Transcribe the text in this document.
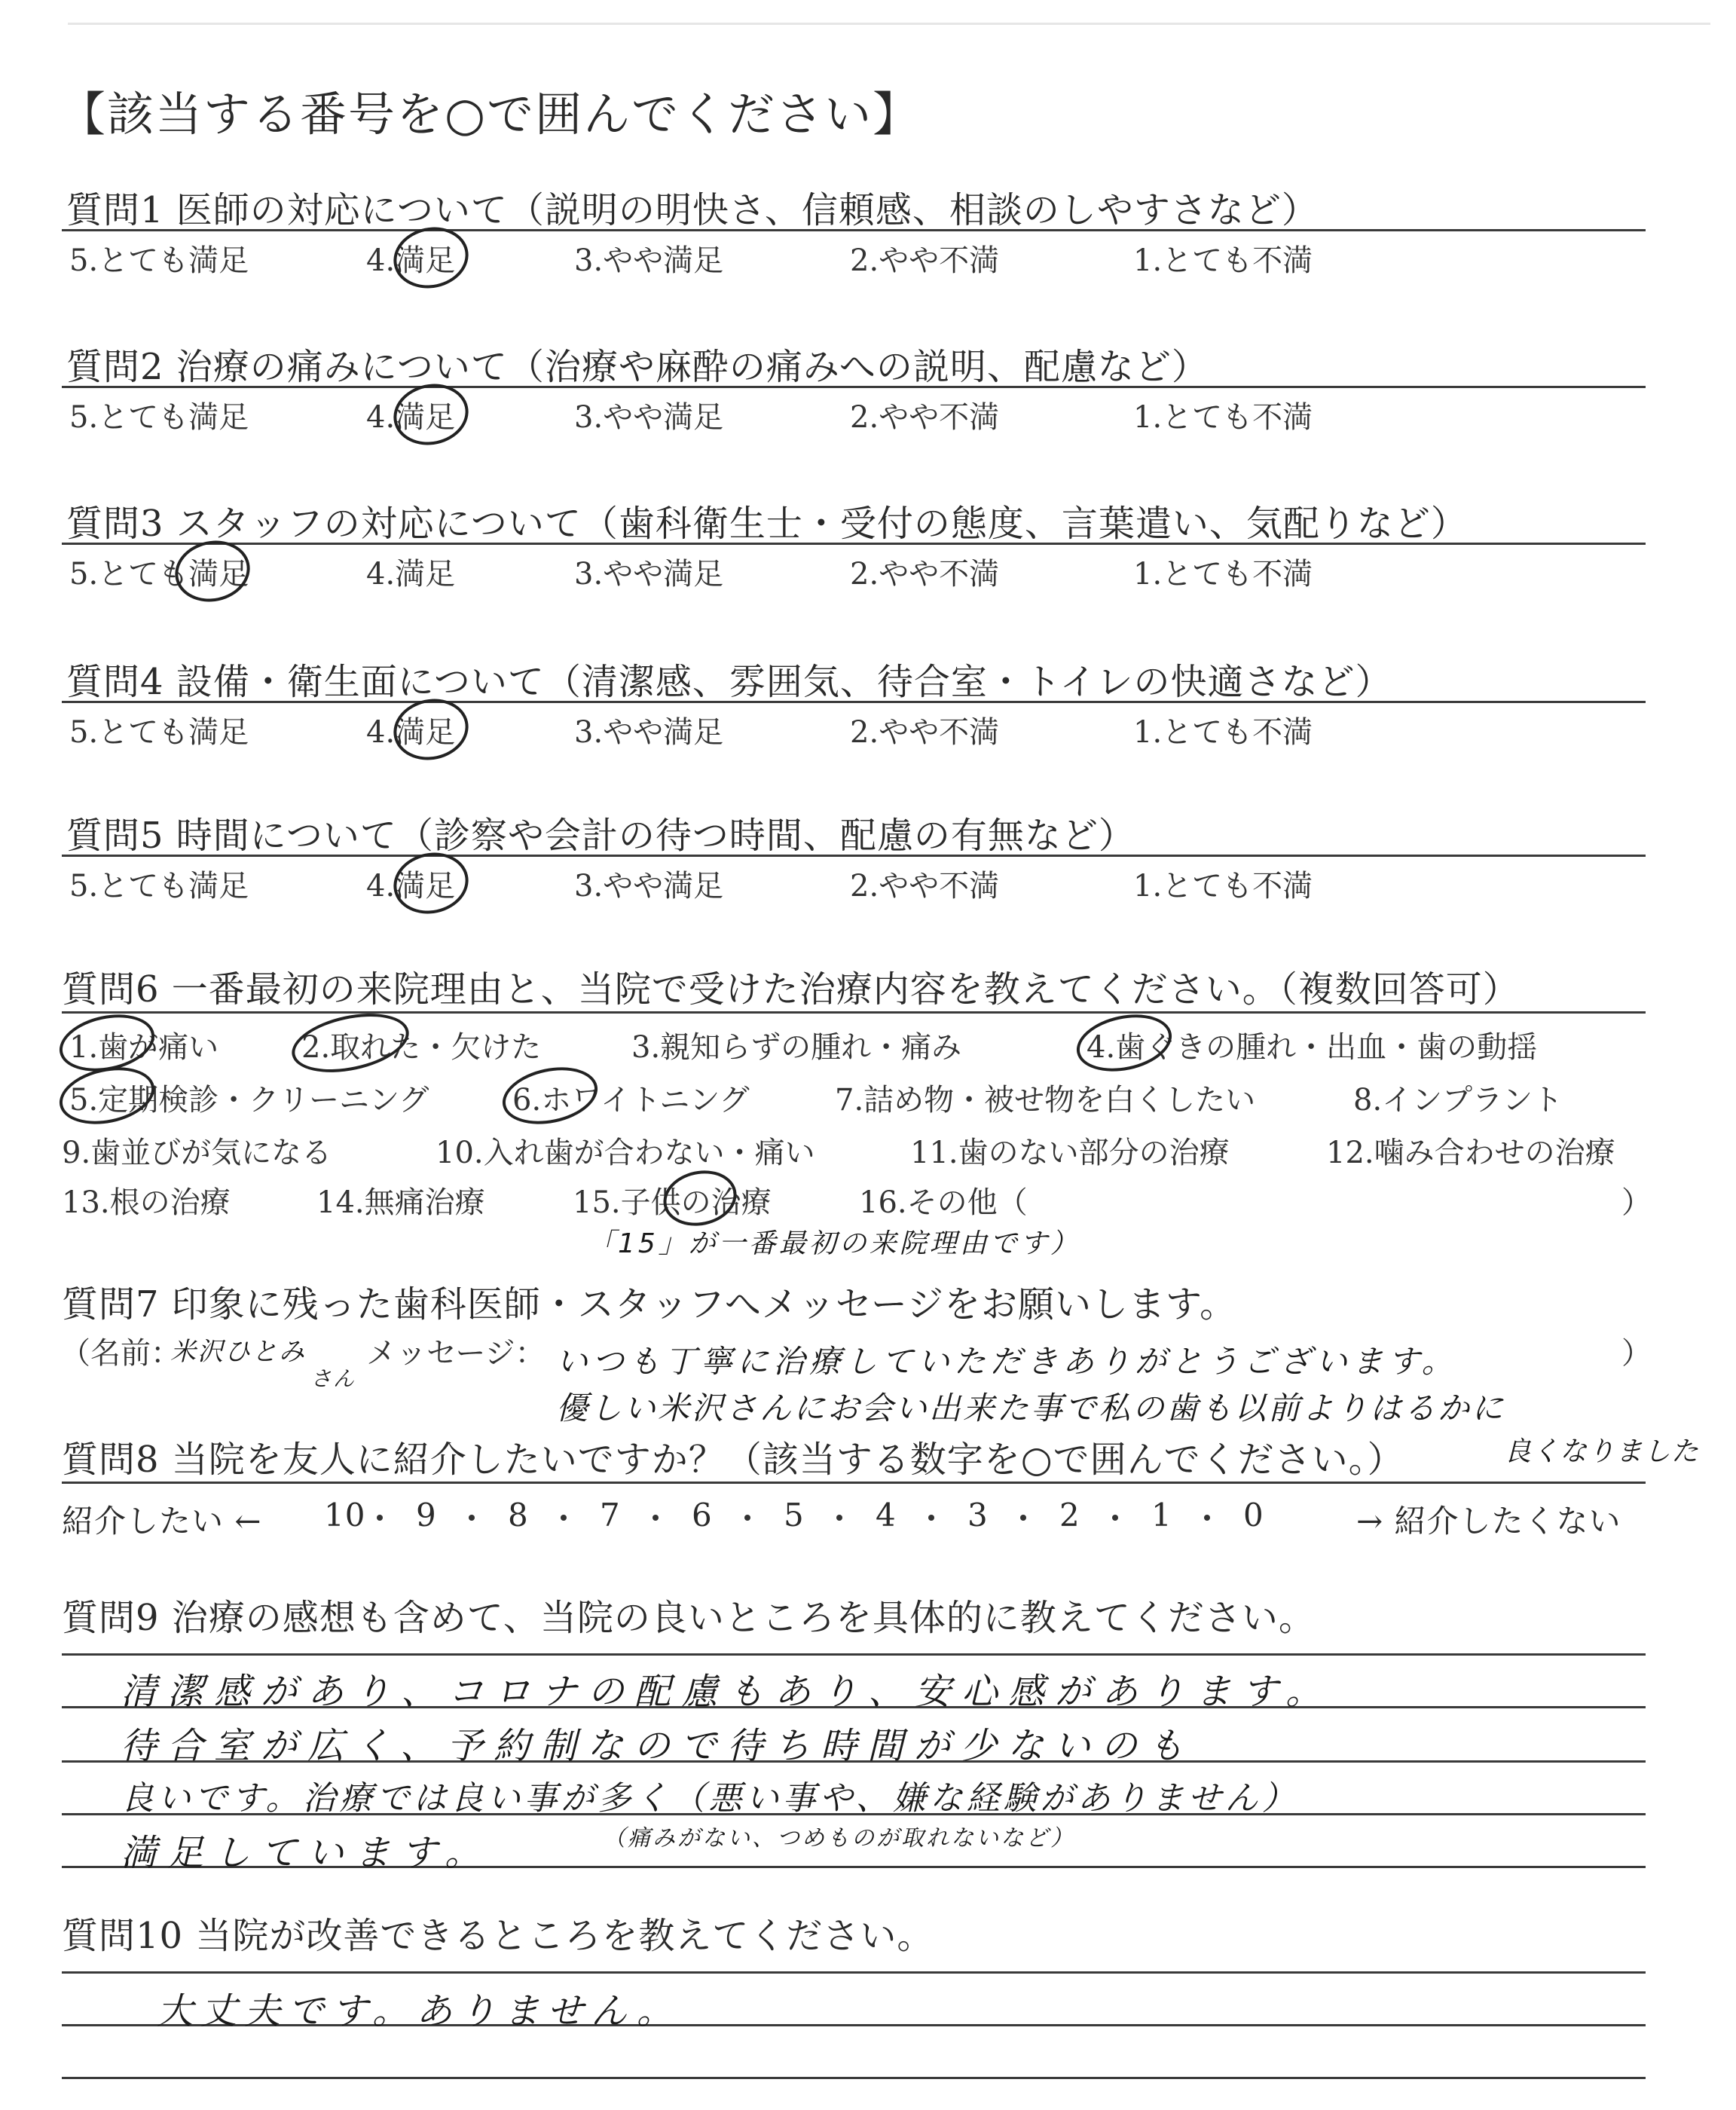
【該当する番号を○で囲んでください】
質問1 医師の対応について（説明の明快さ、信頼感、相談のしやすさなど）
5.とても満足	4.満足	3.やや満足	2.やや不満	1.とても不満
質問2 治療の痛みについて（治療や麻酔の痛みへの説明、配慮など）
5.とても満足	4.満足	3.やや満足	2.やや不満	1.とても不満
質問3 スタッフの対応について（歯科衛生士・受付の態度、言葉遣い、気配りなど）
5.とても満足	4.満足	3.やや満足	2.やや不満	1.とても不満
質問4 設備・衛生面について（清潔感、雰囲気、待合室・トイレの快適さなど）
5.とても満足	4.満足	3.やや満足	2.やや不満	1.とても不満
質問5 時間について（診察や会計の待つ時間、配慮の有無など）
5.とても満足	4.満足	3.やや満足	2.やや不満	1.とても不満
質問6 一番最初の来院理由と、当院で受けた治療内容を教えてください。（複数回答可）
1.歯が痛い	2.取れた・欠けた	3.親知らずの腫れ・痛み	4.歯ぐきの腫れ・出血・歯の動揺
5.定期検診・クリーニング	6.ホワイトニング	7.詰め物・被せ物を白くしたい	8.インプラント
9.歯並びが気になる	10.入れ歯が合わない・痛い	11.歯のない部分の治療	12.噛み合わせの治療
13.根の治療	14.無痛治療	15.子供の治療	16.その他（	）
「15」が一番最初の来院理由です）
質問7 印象に残った歯科医師・スタッフへメッセージをお願いします。
（名前：
米沢ひとみ
さん
メッセージ：	）
いつも丁寧に治療していただきありがとうございます。
優しい米沢さんにお会い出来た事で私の歯も以前よりはるかに
良くなりました
質問8 当院を友人に紹介したいですか？（該当する数字を○で囲んでください。）
紹介したい ← 10 9 8 7 6 5 4 3 2 1 0	→ 紹介したくない
質問9 治療の感想も含めて、当院の良いところを具体的に教えてください。
清潔感があり、コロナの配慮もあり、安心感があります。
待合室が広く、予約制なので待ち時間が少ないのも
良いです。治療では良い事が多く（悪い事や、嫌な経験がありません）
満足しています。	（痛みがない、つめものが取れないなど）
質問10 当院が改善できるところを教えてください。
大丈夫です。ありません。
